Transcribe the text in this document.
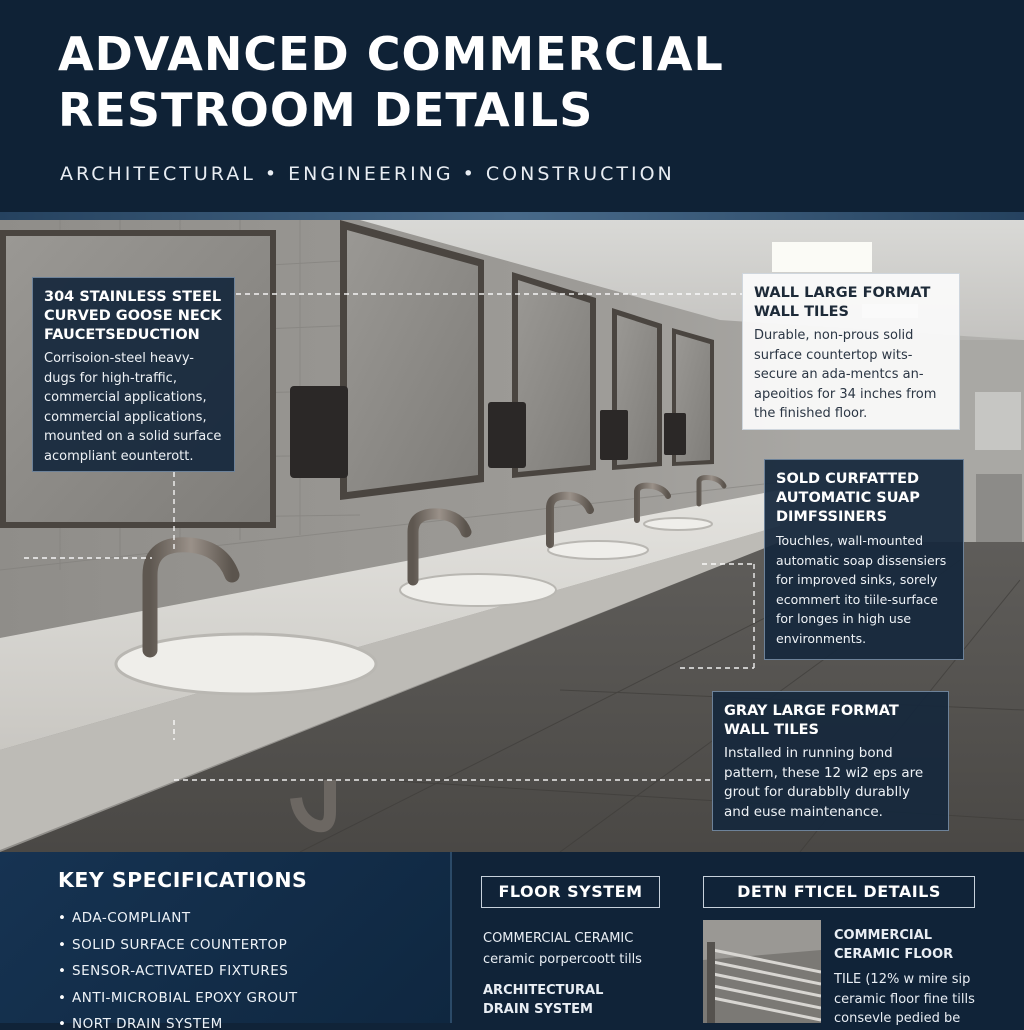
ADVANCED COMMERCIAL RESTROOM DETAILS
ARCHITECTURAL • ENGINEERING • CONSTRUCTION
304 STAINLESS STEEL CURVED GOOSE NECK FAUCETSEDUCTION
Corrisoion-steel heavy-dugs for high-traffic, commercial applications, commercial applications, mounted on a solid surface acompliant eounterott.
WALL LARGE FORMAT WALL TILES
Durable, non-prous solid surface countertop wits-secure an ada-mentcs an-apeoitios for 34 inches from the finished floor.
SOLD CURFATTED AUTOMATIC SUAP DIMFSSINERS
Touchles, wall-mounted automatic soap dissensiers for improved sinks, sorely ecommert ito tiile-surface for longes in high use environments.
GRAY LARGE FORMAT WALL TILES
Installed in running bond pattern, these 12 wi2 eps are grout for durabblly durablly and euse maintenance.
KEY SPECIFICATIONS
• ADA-COMPLIANT
• SOLID SURFACE COUNTERTOP
• SENSOR-ACTIVATED FIXTURES
• ANTI-MICROBIAL EPOXY GROUT
• NORT DRAIN SYSTEM
FLOOR SYSTEM
COMMERCIAL CERAMIC
ceramic porpercoott tills
ARCHITECTURAL
DRAIN SYSTEM
DETN FTICEL DETAILS
COMMERCIAL
CERAMIC FLOOR
TILE (12% w mire sip
ceramic floor fine tills
consevle pedied be
